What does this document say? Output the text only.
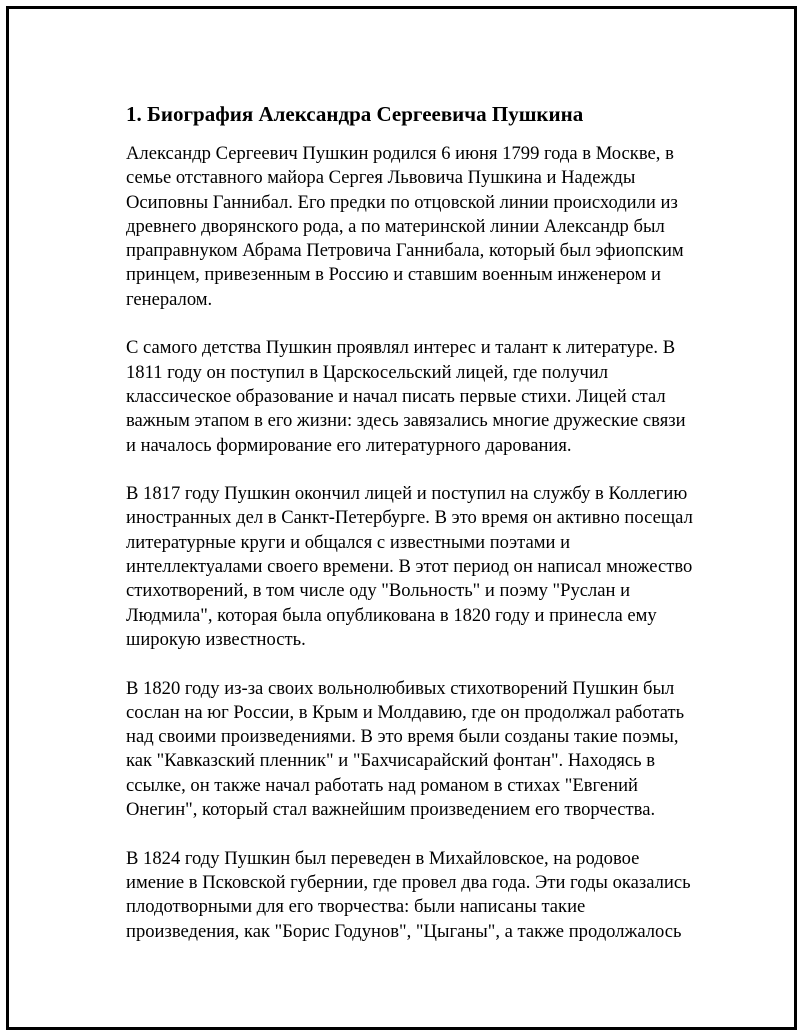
1. Биография Александра Сергеевича Пушкина

Александр Сергеевич Пушкин родился 6 июня 1799 года в Москве, в
семье отставного майора Сергея Львовича Пушкина и Надежды
Осиповны Ганнибал. Его предки по отцовской линии происходили из
древнего дворянского рода, а по материнской линии Александр был
праправнуком Абрама Петровича Ганнибала, который был эфиопским
принцем, привезенным в Россию и ставшим военным инженером и
генералом.

С самого детства Пушкин проявлял интерес и талант к литературе. В
1811 году он поступил в Царскосельский лицей, где получил
классическое образование и начал писать первые стихи. Лицей стал
важным этапом в его жизни: здесь завязались многие дружеские связи
и началось формирование его литературного дарования.

В 1817 году Пушкин окончил лицей и поступил на службу в Коллегию
иностранных дел в Санкт-Петербурге. В это время он активно посещал
литературные круги и общался с известными поэтами и
интеллектуалами своего времени. В этот период он написал множество
стихотворений, в том числе оду "Вольность" и поэму "Руслан и
Людмила", которая была опубликована в 1820 году и принесла ему
широкую известность.

В 1820 году из-за своих вольнолюбивых стихотворений Пушкин был
сослан на юг России, в Крым и Молдавию, где он продолжал работать
над своими произведениями. В это время были созданы такие поэмы,
как "Кавказский пленник" и "Бахчисарайский фонтан". Находясь в
ссылке, он также начал работать над романом в стихах "Евгений
Онегин", который стал важнейшим произведением его творчества.

В 1824 году Пушкин был переведен в Михайловское, на родовое
имение в Псковской губернии, где провел два года. Эти годы оказались
плодотворными для его творчества: были написаны такие
произведения, как "Борис Годунов", "Цыганы", а также продолжалось
